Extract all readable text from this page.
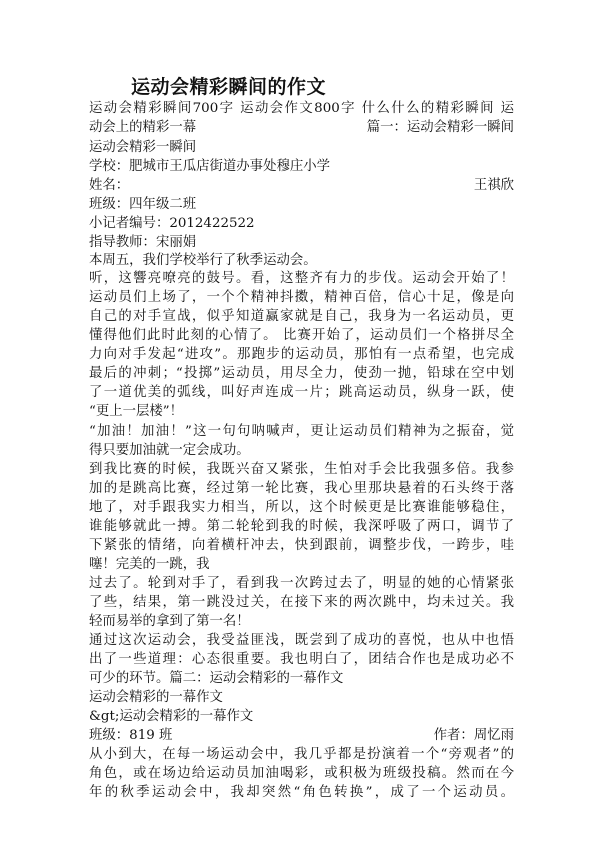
运动会精彩瞬间的作文
运动会精彩瞬间700字 运动会作文800字 什么什么的精彩瞬间 运
动会上的精彩一幕	篇一：运动会精彩一瞬间
运动会精彩一瞬间
学校：肥城市王瓜店街道办事处穆庄小学
姓名：	王祺欣
班级：四年级二班
小记者编号：2012422522
指导教师：宋丽娟
本周五，我们学校举行了秋季运动会。
听，这響亮嘹亮的鼓号。看，这整齐有力的步伐。运动会开始了！
运动员们上场了，一个个精神抖擞，精神百倍，信心十足，像是向
自己的对手宣战，似乎知道赢家就是自己，我身为一名运动员，更
懂得他们此时此刻的心情了。 比赛开始了，运动员们一个格拼尽全
力向对手发起“进攻”。那跑步的运动员，那怕有一点希望，也完成
最后的冲刺；“投掷”运动员，用尽全力，使劲一抛，铅球在空中划
了一道优美的弧线，叫好声连成一片；跳高运动员，纵身一跃，使
“更上一层楼”！
“加油！加油！”这一句句呐喊声，更让运动员们精神为之振奋，觉
得只要加油就一定会成功。
到我比赛的时候，我既兴奋又紧张，生怕对手会比我强多倍。我参
加的是跳高比赛，经过第一轮比赛，我心里那块悬着的石头终于落
地了，对手跟我实力相当，所以，这个时候更是比赛谁能够稳住，
谁能够就此一搏。第二轮轮到我的时候，我深呼吸了两口，调节了
下紧张的情绪，向着横杆冲去，快到跟前，调整步伐，一跨步，哇
噻！完美的一跳，我
过去了。轮到对手了，看到我一次跨过去了，明显的她的心情紧张
了些，结果，第一跳没过关，在接下来的两次跳中，均未过关。我
轻而易举的拿到了第一名！
通过这次运动会，我受益匪浅，既尝到了成功的喜悦，也从中也悟
出了一些道理：心态很重要。我也明白了，团结合作也是成功必不
可少的环节。篇二：运动会精彩的一幕作文
运动会精彩的一幕作文
&gt;运动会精彩的一幕作文
班级：819 班	作者：周忆雨
从小到大，在每一场运动会中，我几乎都是扮演着一个“旁观者”的
角色，或在场边给运动员加油喝彩，或积极为班级投稿。然而在今
年的秋季运动会中，我却突然“角色转换”，成了一个运动员。
